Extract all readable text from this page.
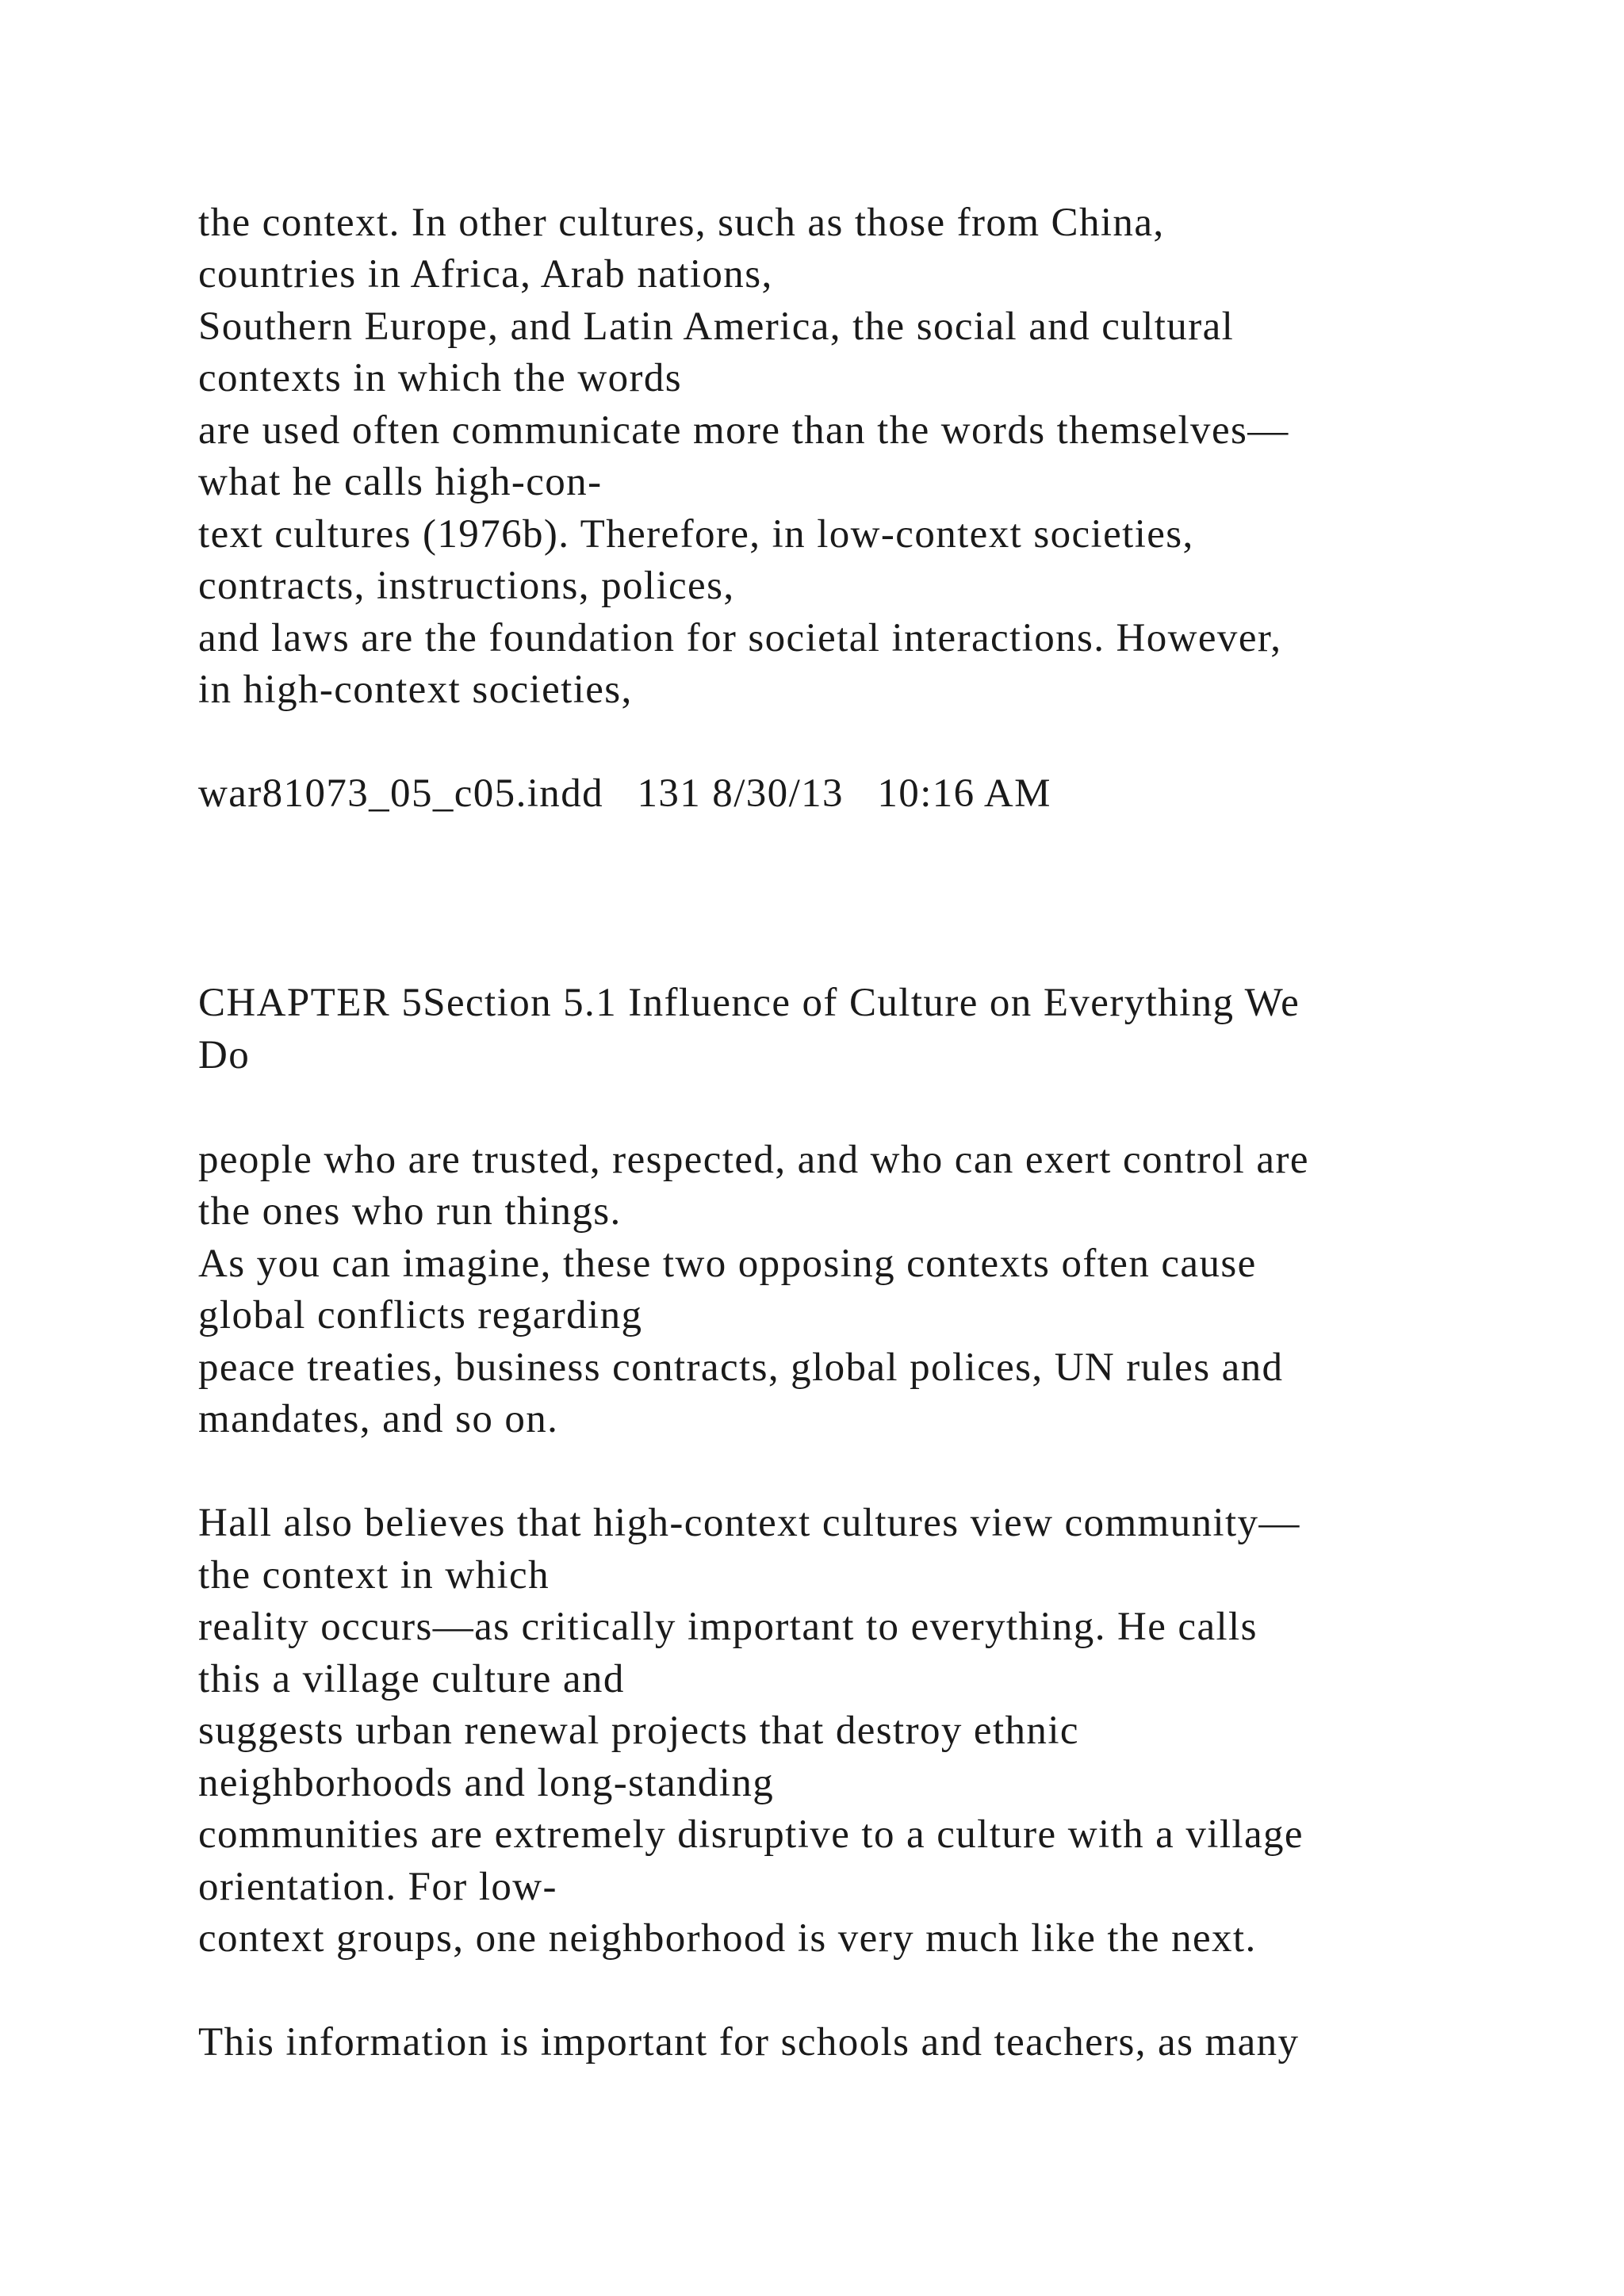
the context. In other cultures, such as those from China,
countries in Africa, Arab nations,
Southern Europe, and Latin America, the social and cultural
contexts in which the words
are used often communicate more than the words themselves—
what he calls high-con-
text cultures (1976b). Therefore, in low-context societies,
contracts, instructions, polices,
and laws are the foundation for societal interactions. However,
in high-context societies,
war81073_05_c05.indd   131 8/30/13   10:16 AM
CHAPTER 5Section 5.1 Influence of Culture on Everything We
Do
people who are trusted, respected, and who can exert control are
the ones who run things.
As you can imagine, these two opposing contexts often cause
global conflicts regarding
peace treaties, business contracts, global polices, UN rules and
mandates, and so on.
Hall also believes that high-context cultures view community—
the context in which
reality occurs—as critically important to everything. He calls
this a village culture and
suggests urban renewal projects that destroy ethnic
neighborhoods and long-standing
communities are extremely disruptive to a culture with a village
orientation. For low-
context groups, one neighborhood is very much like the next.
This information is important for schools and teachers, as many
